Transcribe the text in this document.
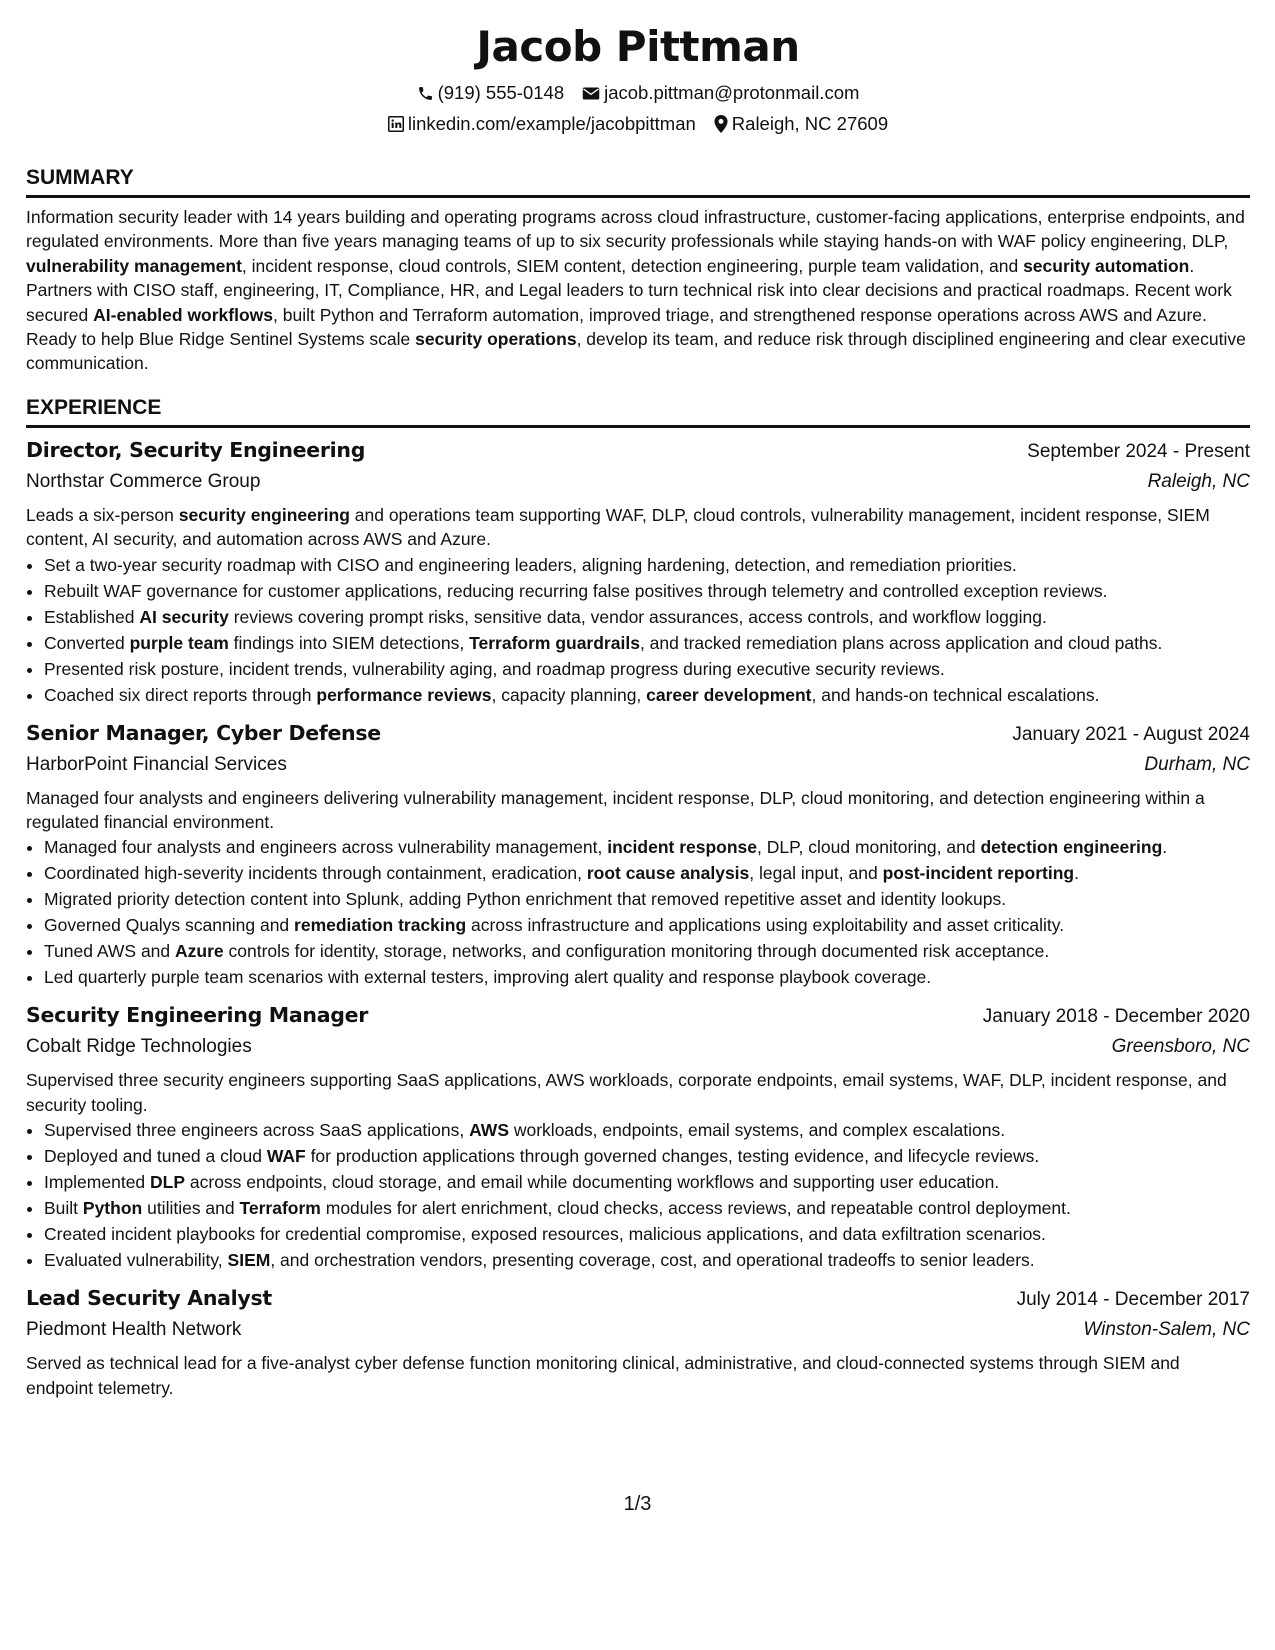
Jacob Pittman
(919) 555-0148 jacob.pittman@protonmail.com
linkedin.com/example/jacobpittman Raleigh, NC 27609
SUMMARY

Information security leader with 14 years building and operating programs across cloud infrastructure, customer-facing applications, enterprise endpoints, and regulated environments. More than five years managing teams of up to six security professionals while staying hands-on with WAF policy engineering, DLP, vulnerability management, incident response, cloud controls, SIEM content, detection engineering, purple team validation, and security automation. Partners with CISO staff, engineering, IT, Compliance, HR, and Legal leaders to turn technical risk into clear decisions and practical roadmaps. Recent work secured AI-enabled workflows, built Python and Terraform automation, improved triage, and strengthened response operations across AWS and Azure. Ready to help Blue Ridge Sentinel Systems scale security operations, develop its team, and reduce risk through disciplined engineering and clear executive communication.

EXPERIENCE
Director, Security Engineering	September 2024 - Present
Northstar Commerce Group	Raleigh, NC

Leads a six-person security engineering and operations team supporting WAF, DLP, cloud controls, vulnerability management, incident response, SIEM content, AI security, and automation across AWS and Azure.

• Set a two-year security roadmap with CISO and engineering leaders, aligning hardening, detection, and remediation priorities.
• Rebuilt WAF governance for customer applications, reducing recurring false positives through telemetry and controlled exception reviews.
• Established AI security reviews covering prompt risks, sensitive data, vendor assurances, access controls, and workflow logging.
• Converted purple team findings into SIEM detections, Terraform guardrails, and tracked remediation plans across application and cloud paths.
• Presented risk posture, incident trends, vulnerability aging, and roadmap progress during executive security reviews.
• Coached six direct reports through performance reviews, capacity planning, career development, and hands-on technical escalations.
Senior Manager, Cyber Defense	January 2021 - August 2024
HarborPoint Financial Services	Durham, NC

Managed four analysts and engineers delivering vulnerability management, incident response, DLP, cloud monitoring, and detection engineering within a regulated financial environment.

• Managed four analysts and engineers across vulnerability management, incident response, DLP, cloud monitoring, and detection engineering.
• Coordinated high-severity incidents through containment, eradication, root cause analysis, legal input, and post-incident reporting.
• Migrated priority detection content into Splunk, adding Python enrichment that removed repetitive asset and identity lookups.
• Governed Qualys scanning and remediation tracking across infrastructure and applications using exploitability and asset criticality.
• Tuned AWS and Azure controls for identity, storage, networks, and configuration monitoring through documented risk acceptance.
• Led quarterly purple team scenarios with external testers, improving alert quality and response playbook coverage.
Security Engineering Manager	January 2018 - December 2020
Cobalt Ridge Technologies	Greensboro, NC

Supervised three security engineers supporting SaaS applications, AWS workloads, corporate endpoints, email systems, WAF, DLP, incident response, and security tooling.

• Supervised three engineers across SaaS applications, AWS workloads, endpoints, email systems, and complex escalations.
• Deployed and tuned a cloud WAF for production applications through governed changes, testing evidence, and lifecycle reviews.
• Implemented DLP across endpoints, cloud storage, and email while documenting workflows and supporting user education.
• Built Python utilities and Terraform modules for alert enrichment, cloud checks, access reviews, and repeatable control deployment.
• Created incident playbooks for credential compromise, exposed resources, malicious applications, and data exfiltration scenarios.
• Evaluated vulnerability, SIEM, and orchestration vendors, presenting coverage, cost, and operational tradeoffs to senior leaders.
Lead Security Analyst	July 2014 - December 2017
Piedmont Health Network	Winston-Salem, NC

Served as technical lead for a five-analyst cyber defense function monitoring clinical, administrative, and cloud-connected systems through SIEM and endpoint telemetry.

1/3
